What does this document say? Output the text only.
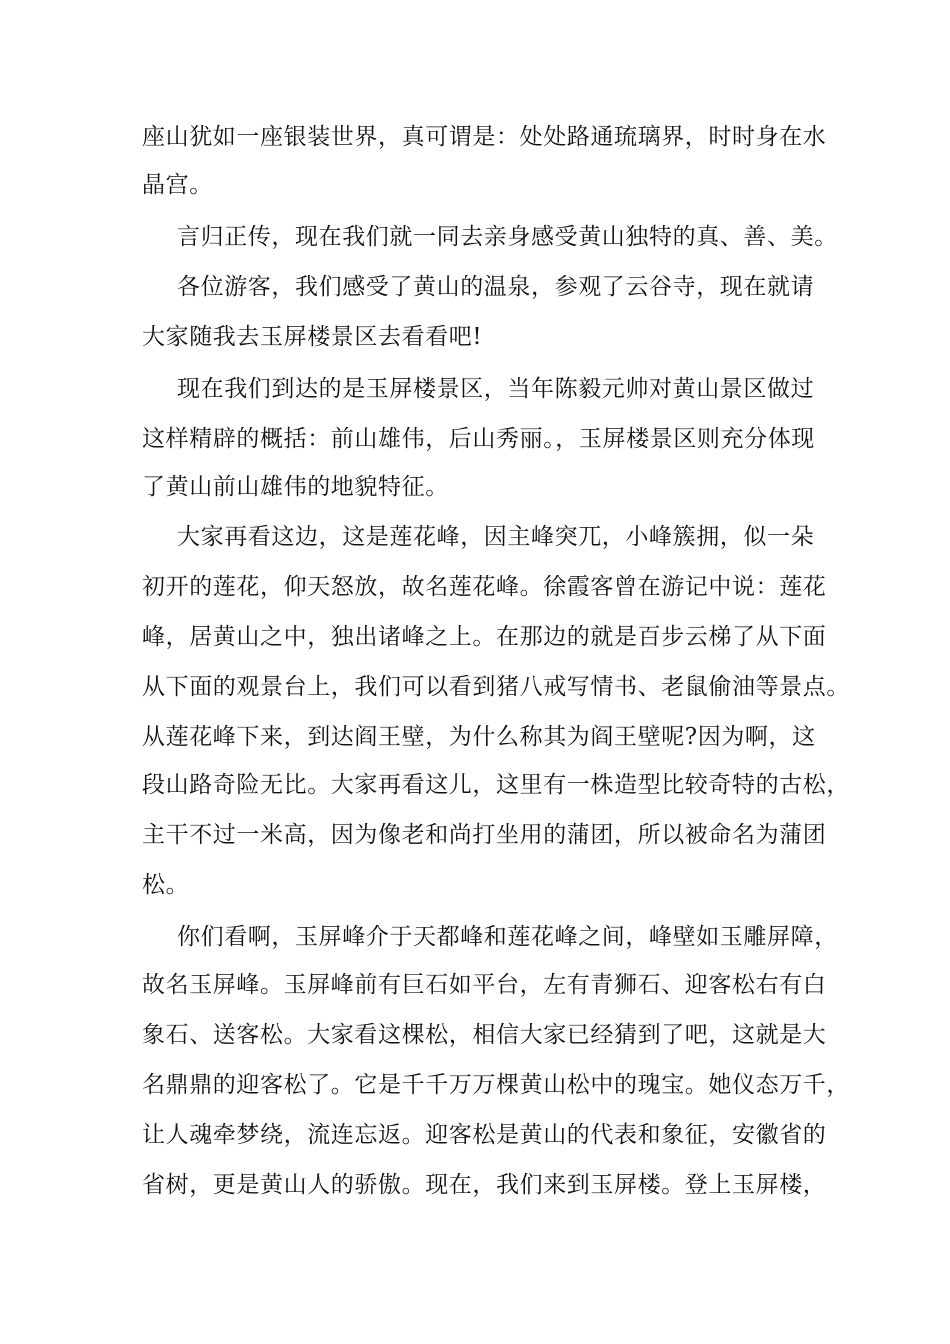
座山犹如一座银装世界，真可谓是：处处路通琉璃界，时时身在水
晶宫。
言归正传，现在我们就一同去亲身感受黄山独特的真、善、美。
各位游客，我们感受了黄山的温泉，参观了云谷寺，现在就请
大家随我去玉屏楼景区去看看吧!
现在我们到达的是玉屏楼景区，当年陈毅元帅对黄山景区做过
这样精辟的概括：前山雄伟，后山秀丽。，玉屏楼景区则充分体现
了黄山前山雄伟的地貌特征。
大家再看这边，这是莲花峰，因主峰突兀，小峰簇拥，似一朵
初开的莲花，仰天怒放，故名莲花峰。徐霞客曾在游记中说：莲花
峰，居黄山之中，独出诸峰之上。在那边的就是百步云梯了从下面
从下面的观景台上，我们可以看到猪八戒写情书、老鼠偷油等景点。
从莲花峰下来，到达阎王壁，为什么称其为阎王壁呢?因为啊，这
段山路奇险无比。大家再看这儿，这里有一株造型比较奇特的古松，
主干不过一米高，因为像老和尚打坐用的蒲团，所以被命名为蒲团
松。
你们看啊，玉屏峰介于天都峰和莲花峰之间，峰壁如玉雕屏障，
故名玉屏峰。玉屏峰前有巨石如平台，左有青狮石、迎客松右有白
象石、送客松。大家看这棵松，相信大家已经猜到了吧，这就是大
名鼎鼎的迎客松了。它是千千万万棵黄山松中的瑰宝。她仪态万千，
让人魂牵梦绕，流连忘返。迎客松是黄山的代表和象征，安徽省的
省树，更是黄山人的骄傲。现在，我们来到玉屏楼。登上玉屏楼，
